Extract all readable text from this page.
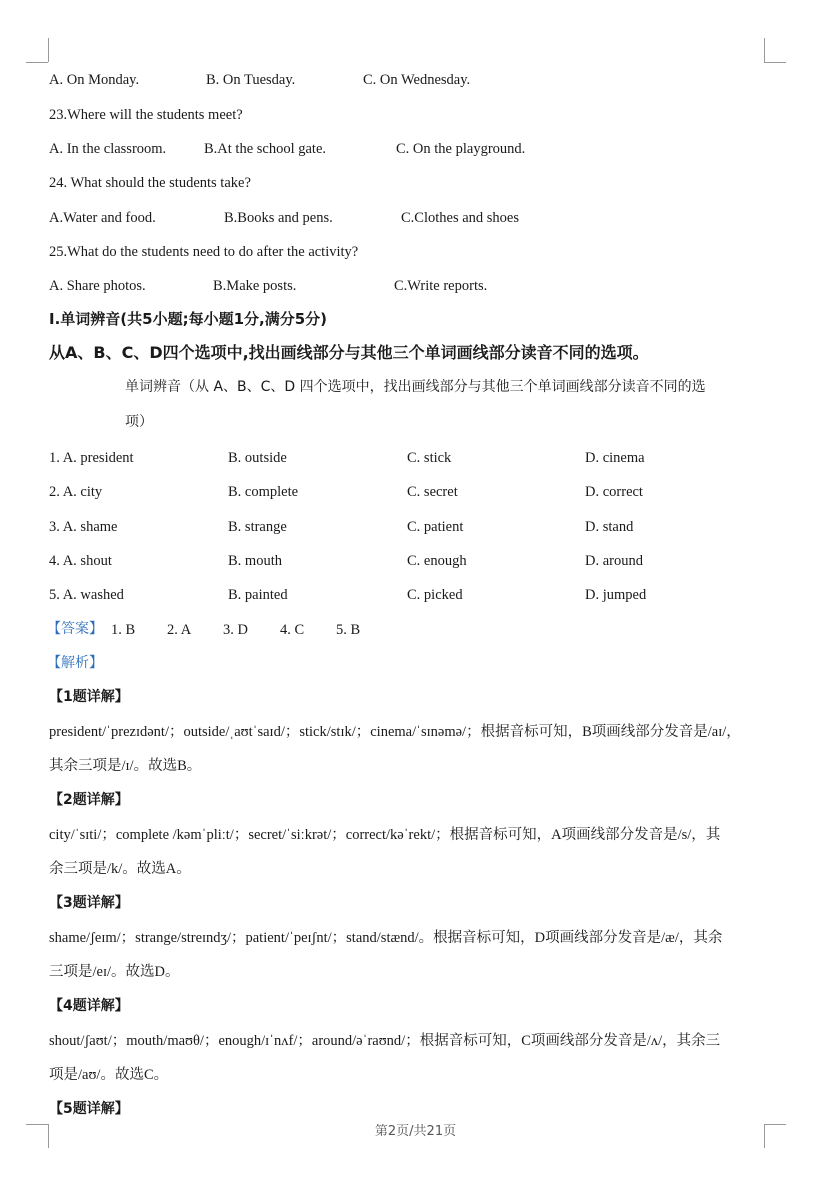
A. On Monday.	B. On Tuesday.	C. On Wednesday.
23.Where will the students meet?
A. In the classroom.	B.At the school gate.	C. On the playground.
24. What should the students take?
A.Water and food.	B.Books and pens.	C.Clothes and shoes
25.What do the students need to do after the activity?
A. Share photos.	B.Make posts.	C.Write reports.
I.单词辨音(共5小题;每小题1分,满分5分)
从A、B、C、D四个选项中,找出画线部分与其他三个单词画线部分读音不同的选项。
单词辨音（从 A、B、C、D 四个选项中，找出画线部分与其他三个单词画线部分读音不同的选
项）
1. A. president	B. outside	C. stick	D. cinema
2. A. city	B. complete	C. secret	D. correct
3. A. shame	B. strange	C. patient	D. stand
4. A. shout	B. mouth	C. enough	D. around
5. A. washed	B. painted	C. picked	D. jumped
【答案】 1. B 2. A 3. D 4. C 5. B
【解析】
【1题详解】
president/ˈprezɪdənt/；outside/ˌaʊtˈsaɪd/；stick/stɪk/；cinema/ˈsɪnəmə/；根据音标可知，B项画线部分发音是/aɪ/，
其余三项是/ɪ/。故选B。
【2题详解】
city/ˈsɪti/；complete /kəmˈpliːt/；secret/ˈsiːkrət/；correct/kəˈrekt/；根据音标可知，A项画线部分发音是/s/，其
余三项是/k/。故选A。
【3题详解】
shame/ʃeɪm/；strange/streɪndʒ/；patient/ˈpeɪʃnt/；stand/stænd/。根据音标可知，D项画线部分发音是/æ/，其余
三项是/eɪ/。故选D。
【4题详解】
shout/ʃaʊt/；mouth/maʊθ/；enough/ɪˈnʌf/；around/əˈraʊnd/；根据音标可知，C项画线部分发音是/ʌ/，其余三
项是/aʊ/。故选C。
【5题详解】
第2页/共21页
